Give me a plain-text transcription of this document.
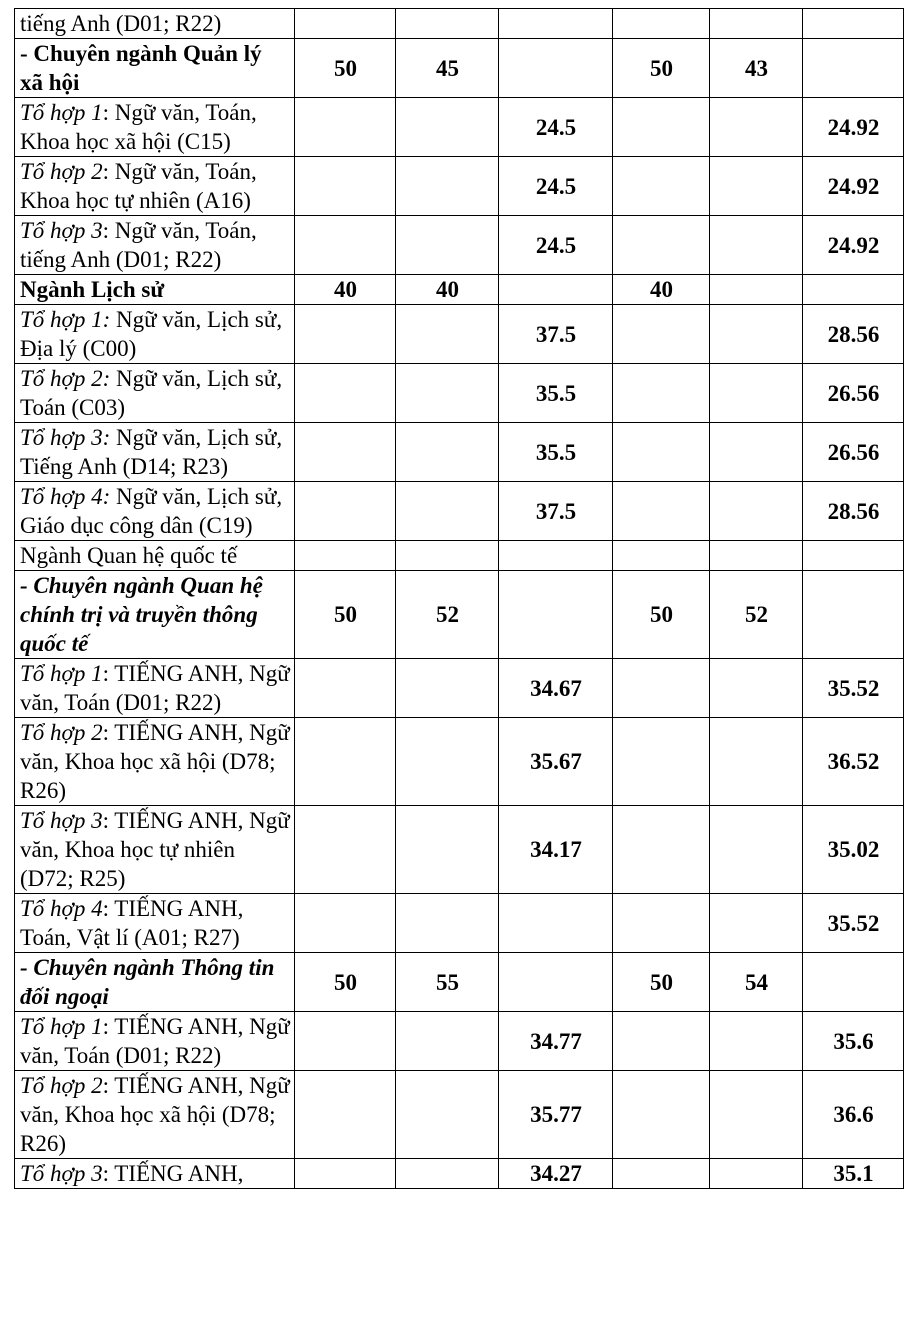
tiếng Anh (D01; R22)						
- Chuyên ngành Quản lý xã hội	50	45		50	43	
Tổ hợp 1: Ngữ văn, Toán, Khoa học xã hội (C15)			24.5			24.92
Tổ hợp 2: Ngữ văn, Toán, Khoa học tự nhiên (A16)			24.5			24.92
Tổ hợp 3: Ngữ văn, Toán, tiếng Anh (D01; R22)			24.5			24.92
Ngành Lịch sử	40	40		40		
Tổ hợp 1: Ngữ văn, Lịch sử, Địa lý (C00)			37.5			28.56
Tổ hợp 2: Ngữ văn, Lịch sử, Toán (C03)			35.5			26.56
Tổ hợp 3: Ngữ văn, Lịch sử, Tiếng Anh (D14; R23)			35.5			26.56
Tổ hợp 4: Ngữ văn, Lịch sử, Giáo dục công dân (C19)			37.5			28.56
Ngành Quan hệ quốc tế						
- Chuyên ngành Quan hệ chính trị và truyền thông quốc tế	50	52		50	52	
Tổ hợp 1: TIẾNG ANH, Ngữ văn, Toán (D01; R22)			34.67			35.52
Tổ hợp 2: TIẾNG ANH, Ngữ văn, Khoa học xã hội (D78; R26)			35.67			36.52
Tổ hợp 3: TIẾNG ANH, Ngữ văn, Khoa học tự nhiên (D72; R25)			34.17			35.02
Tổ hợp 4: TIẾNG ANH, Toán, Vật lí (A01; R27)						35.52
- Chuyên ngành Thông tin đối ngoại	50	55		50	54	
Tổ hợp 1: TIẾNG ANH, Ngữ văn, Toán (D01; R22)			34.77			35.6
Tổ hợp 2: TIẾNG ANH, Ngữ văn, Khoa học xã hội (D78; R26)			35.77			36.6
Tổ hợp 3: TIẾNG ANH,			34.27			35.1
